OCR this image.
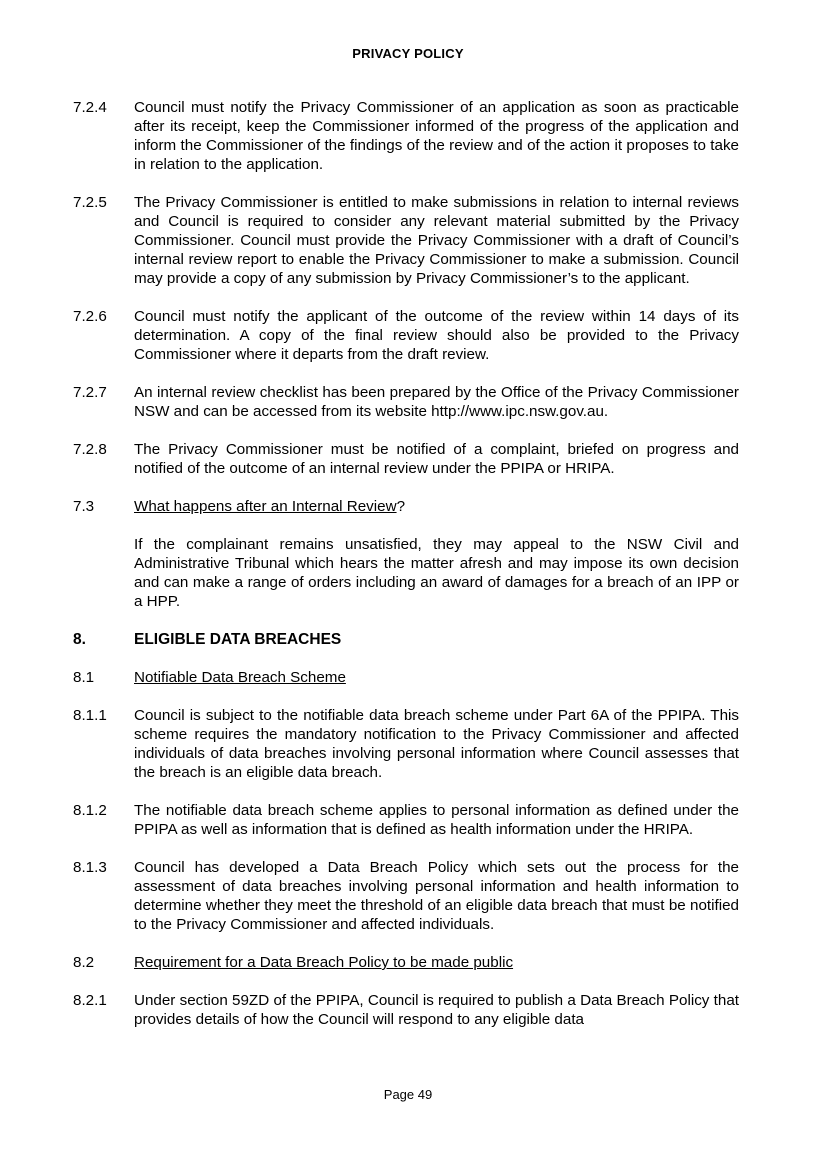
PRIVACY POLICY
7.2.4	Council must notify the Privacy Commissioner of an application as soon as practicable after its receipt, keep the Commissioner informed of the progress of the application and inform the Commissioner of the findings of the review and of the action it proposes to take in relation to the application.
7.2.5	The Privacy Commissioner is entitled to make submissions in relation to internal reviews and Council is required to consider any relevant material submitted by the Privacy Commissioner. Council must provide the Privacy Commissioner with a draft of Council’s internal review report to enable the Privacy Commissioner to make a submission. Council may provide a copy of any submission by Privacy Commissioner’s to the applicant.
7.2.6	Council must notify the applicant of the outcome of the review within 14 days of its determination. A copy of the final review should also be provided to the Privacy Commissioner where it departs from the draft review.
7.2.7	An internal review checklist has been prepared by the Office of the Privacy Commissioner NSW and can be accessed from its website http://www.ipc.nsw.gov.au.
7.2.8	The Privacy Commissioner must be notified of a complaint, briefed on progress and notified of the outcome of an internal review under the PPIPA or HRIPA.
7.3	What happens after an Internal Review?
If the complainant remains unsatisfied, they may appeal to the NSW Civil and Administrative Tribunal which hears the matter afresh and may impose its own decision and can make a range of orders including an award of damages for a breach of an IPP or a HPP.
8.	ELIGIBLE DATA BREACHES
8.1	Notifiable Data Breach Scheme
8.1.1	Council is subject to the notifiable data breach scheme under Part 6A of the PPIPA. This scheme requires the mandatory notification to the Privacy Commissioner and affected individuals of data breaches involving personal information where Council assesses that the breach is an eligible data breach.
8.1.2	The notifiable data breach scheme applies to personal information as defined under the PPIPA as well as information that is defined as health information under the HRIPA.
8.1.3	Council has developed a Data Breach Policy which sets out the process for the assessment of data breaches involving personal information and health information to determine whether they meet the threshold of an eligible data breach that must be notified to the Privacy Commissioner and affected individuals.
8.2	Requirement for a Data Breach Policy to be made public
8.2.1	Under section 59ZD of the PPIPA, Council is required to publish a Data Breach Policy that provides details of how the Council will respond to any eligible data
Page 49
